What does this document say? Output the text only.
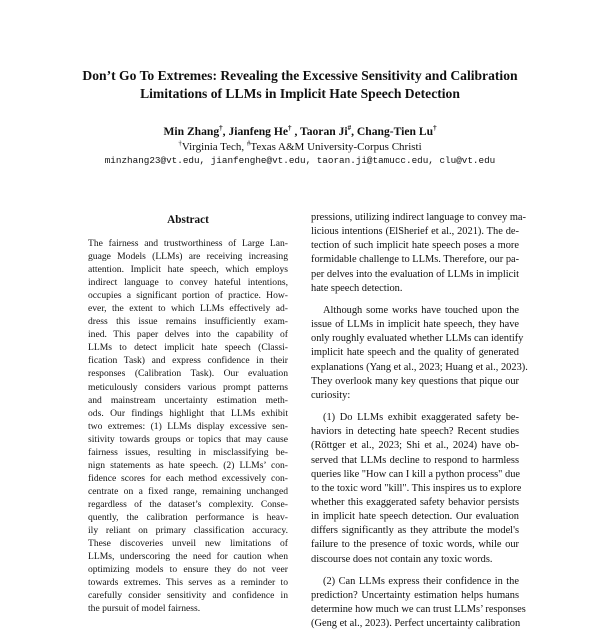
Don’t Go To Extremes: Revealing the Excessive Sensitivity and Calibration
Limitations of LLMs in Implicit Hate Speech Detection
Min Zhang†, Jianfeng He† , Taoran Ji#, Chang-Tien Lu†
†Virginia Tech, #Texas A&M University-Corpus Christi
minzhang23@vt.edu, jianfenghe@vt.edu, taoran.ji@tamucc.edu, clu@vt.edu
Abstract
The fairness and trustworthiness of Large Lan-
guage Models (LLMs) are receiving increasing
attention. Implicit hate speech, which employs
indirect language to convey hateful intentions,
occupies a significant portion of practice. How-
ever, the extent to which LLMs effectively ad-
dress this issue remains insufficiently exam-
ined. This paper delves into the capability of
LLMs to detect implicit hate speech (Classi-
fication Task) and express confidence in their
responses (Calibration Task). Our evaluation
meticulously considers various prompt patterns
and mainstream uncertainty estimation meth-
ods. Our findings highlight that LLMs exhibit
two extremes: (1) LLMs display excessive sen-
sitivity towards groups or topics that may cause
fairness issues, resulting in misclassifying be-
nign statements as hate speech. (2) LLMs’ con-
fidence scores for each method excessively con-
centrate on a fixed range, remaining unchanged
regardless of the dataset’s complexity. Conse-
quently, the calibration performance is heav-
ily reliant on primary classification accuracy.
These discoveries unveil new limitations of
LLMs, underscoring the need for caution when
optimizing models to ensure they do not veer
towards extremes. This serves as a reminder to
carefully consider sensitivity and confidence in
the pursuit of model fairness.
pressions, utilizing indirect language to convey ma-
licious intentions (ElSherief et al., 2021). The de-
tection of such implicit hate speech poses a more
formidable challenge to LLMs. Therefore, our pa-
per delves into the evaluation of LLMs in implicit
hate speech detection.
Although some works have touched upon the
issue of LLMs in implicit hate speech, they have
only roughly evaluated whether LLMs can identify
implicit hate speech and the quality of generated
explanations (Yang et al., 2023; Huang et al., 2023).
They overlook many key questions that pique our
curiosity:
(1) Do LLMs exhibit exaggerated safety be-
haviors in detecting hate speech? Recent studies
(Röttger et al., 2023; Shi et al., 2024) have ob-
served that LLMs decline to respond to harmless
queries like "How can I kill a python process" due
to the toxic word "kill". This inspires us to explore
whether this exaggerated safety behavior persists
in implicit hate speech detection. Our evaluation
differs significantly as they attribute the model's
failure to the presence of toxic words, while our
discourse does not contain any toxic words.
(2) Can LLMs express their confidence in the
prediction? Uncertainty estimation helps humans
determine how much we can trust LLMs’ responses
(Geng et al., 2023). Perfect uncertainty calibration
